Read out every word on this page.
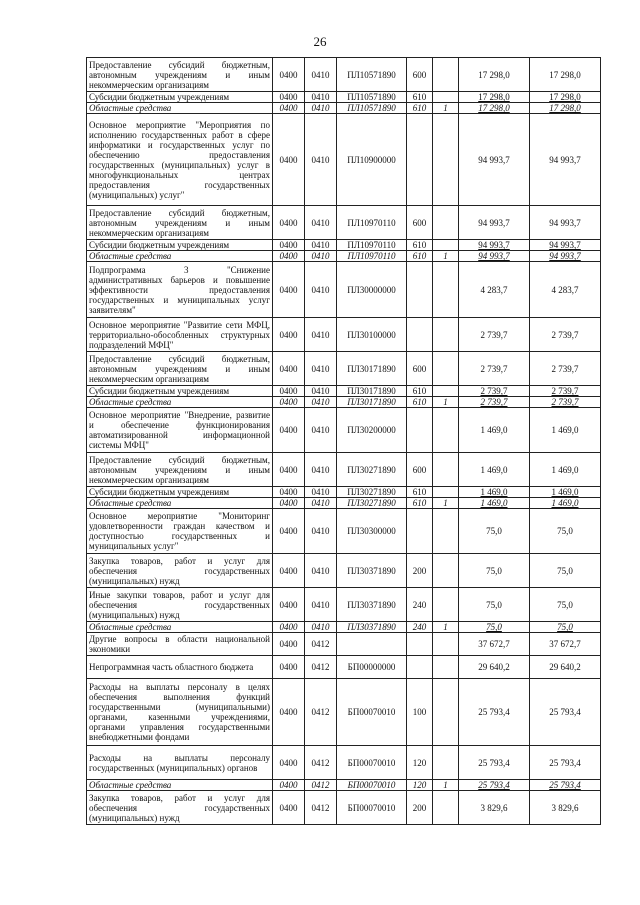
26
Предоставление субсидий бюджетным, автономным учреждениям и иным некоммерческим организациям	0400	0410	ПЛ10571890	600		17 298,0	17 298,0
Субсидии бюджетным учреждениям	0400	0410	ПЛ10571890	610		17 298,0	17 298,0
Областные средства	0400	0410	ПЛ10571890	610	1	17 298,0	17 298,0
Основное мероприятие "Мероприятия по исполнению государственных работ в сфере информатики и государственных услуг по обеспечению предоставления государственных (муниципальных) услуг в многофункциональных центрах предоставления государственных (муниципальных) услуг"	0400	0410	ПЛ10900000			94 993,7	94 993,7
Предоставление субсидий бюджетным, автономным учреждениям и иным некоммерческим организациям	0400	0410	ПЛ10970110	600		94 993,7	94 993,7
Субсидии бюджетным учреждениям	0400	0410	ПЛ10970110	610		94 993,7	94 993,7
Областные средства	0400	0410	ПЛ10970110	610	1	94 993,7	94 993,7
Подпрограмма 3 "Снижение административных барьеров и повышение эффективности предоставления государственных и муниципальных услуг заявителям"	0400	0410	ПЛ30000000			4 283,7	4 283,7
Основное мероприятие "Развитие сети МФЦ, территориально-обособленных структурных подразделений МФЦ"	0400	0410	ПЛ30100000			2 739,7	2 739,7
Предоставление субсидий бюджетным, автономным учреждениям и иным некоммерческим организациям	0400	0410	ПЛ30171890	600		2 739,7	2 739,7
Субсидии бюджетным учреждениям	0400	0410	ПЛ30171890	610		2 739,7	2 739,7
Областные средства	0400	0410	ПЛ30171890	610	1	2 739,7	2 739,7
Основное мероприятие "Внедрение, развитие и обеспечение функционирования автоматизированной информационной системы МФЦ"	0400	0410	ПЛ30200000			1 469,0	1 469,0
Предоставление субсидий бюджетным, автономным учреждениям и иным некоммерческим организациям	0400	0410	ПЛ30271890	600		1 469,0	1 469,0
Субсидии бюджетным учреждениям	0400	0410	ПЛ30271890	610		1 469,0	1 469,0
Областные средства	0400	0410	ПЛ30271890	610	1	1 469,0	1 469,0
Основное мероприятие "Мониторинг удовлетворенности граждан качеством и доступностью государственных и муниципальных услуг"	0400	0410	ПЛ30300000			75,0	75,0
Закупка товаров, работ и услуг для обеспечения государственных (муниципальных) нужд	0400	0410	ПЛ30371890	200		75,0	75,0
Иные закупки товаров, работ и услуг для обеспечения государственных (муниципальных) нужд	0400	0410	ПЛ30371890	240		75,0	75,0
Областные средства	0400	0410	ПЛ30371890	240	1	75,0	75,0
Другие вопросы в области национальной экономики	0400	0412				37 672,7	37 672,7
Непрограммная часть областного бюджета	0400	0412	БП00000000			29 640,2	29 640,2
Расходы на выплаты персоналу в целях обеспечения выполнения функций государственными (муниципальными) органами, казенными учреждениями, органами управления государственными внебюджетными фондами	0400	0412	БП00070010	100		25 793,4	25 793,4
Расходы на выплаты персоналу государственных (муниципальных) органов	0400	0412	БП00070010	120		25 793,4	25 793,4
Областные средства	0400	0412	БП00070010	120	1	25 793,4	25 793,4
Закупка товаров, работ и услуг для обеспечения государственных (муниципальных) нужд	0400	0412	БП00070010	200		3 829,6	3 829,6
